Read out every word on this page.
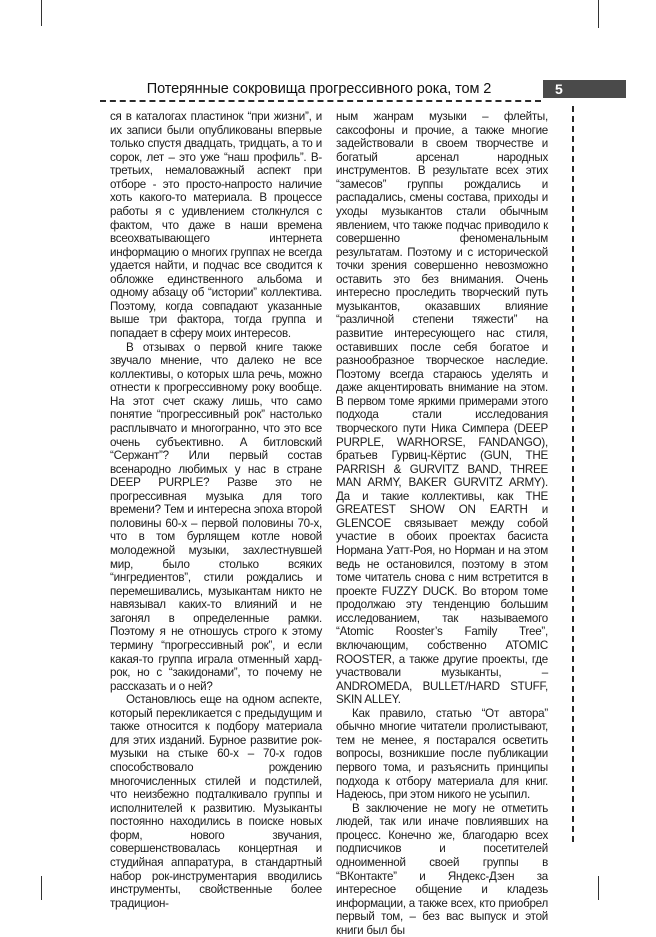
Потерянные сокровища прогрессивного рока, том 2	5

ся в каталогах пластинок “при жизни”, и их записи были опубликованы впервые только спустя двадцать, тридцать, а то и сорок, лет – это уже “наш профиль”. В-третьих, немаловажный аспект при отборе - это просто-напросто наличие хоть какого-то материала. В процессе работы я с удивлением столкнулся с фактом, что даже в наши времена всеохватывающего интернета информацию о многих группах не всегда удается найти, и подчас все сводится к обложке единственного альбома и одному абзацу об “истории” коллектива. Поэтому, когда совпадают указанные выше три фактора, тогда группа и попадает в сферу моих интересов.

В отзывах о первой книге также звучало мнение, что далеко не все коллективы, о которых шла речь, можно отнести к прогрессивному року вообще. На этот счет скажу лишь, что само понятие “прогрессивный рок” настолько расплывчато и многогранно, что это все очень субъективно. А битловский “Сержант”? Или первый состав всенародно любимых у нас в стране DEEP PURPLE? Разве это не прогрессивная музыка для того времени? Тем и интересна эпоха второй половины 60-х – первой половины 70-х, что в том бурлящем котле новой молодежной музыки, захлестнувшей мир, было столько всяких “ингредиентов”, стили рождались и перемешивались, музыкантам никто не навязывал каких-то влияний и не загонял в определенные рамки. Поэтому я не отношусь строго к этому термину “прогрессивный рок”, и если какая-то группа играла отменный хард-рок, но с “закидонами”, то почему не рассказать и о ней?

Остановлюсь еще на одном аспекте, который перекликается с предыдущим и также относится к подбору материала для этих изданий. Бурное развитие рок-музыки на стыке 60-х – 70-х годов способствовало рождению многочисленных стилей и подстилей, что неизбежно подталкивало группы и исполнителей к развитию. Музыканты постоянно находились в поиске новых форм, нового звучания, совершенствовалась концертная и студийная аппаратура, в стандартный набор рок-инструментария вводились инструменты, свойственные более традицион-

ным жанрам музыки – флейты, саксофоны и прочие, а также многие задействовали в своем творчестве и богатый арсенал народных инструментов. В результате всех этих “замесов” группы рождались и распадались, смены состава, приходы и уходы музыкантов стали обычным явлением, что также подчас приводило к совершенно феноменальным результатам. Поэтому и с исторической точки зрения совершенно невозможно оставить это без внимания. Очень интересно проследить творческий путь музыкантов, оказавших влияние “различной степени тяжести” на развитие интересующего нас стиля, оставивших после себя богатое и разнообразное творческое наследие. Поэтому всегда стараюсь уделять и даже акцентировать внимание на этом. В первом томе яркими примерами этого подхода стали исследования творческого пути Ника Симпера (DEEP PURPLE, WARHORSE, FANDANGO), братьев Гурвиц-Кёртис (GUN, THE PARRISH & GURVITZ BAND, THREE MAN ARMY, BAKER GURVITZ ARMY). Да и такие коллективы, как THE GREATEST SHOW ON EARTH и GLENCOE связывает между собой участие в обоих проектах басиста Нормана Уатт-Роя, но Норман и на этом ведь не остановился, поэтому в этом томе читатель снова с ним встретится в проекте FUZZY DUCK. Во втором томе продолжаю эту тенденцию большим исследованием, так называемого “Atomic Rooster’s Family Tree”, включающим, собственно ATOMIC ROOSTER, а также другие проекты, где участвовали музыканты, – ANDROMEDA, BULLET/HARD STUFF, SKIN ALLEY.

Как правило, статью “От автора” обычно многие читатели пролистывают, тем не менее, я постарался осветить вопросы, возникшие после публикации первого тома, и разъяснить принципы подхода к отбору материала для книг. Надеюсь, при этом никого не усыпил.

В заключение не могу не отметить людей, так или иначе повлиявших на процесс. Конечно же, благодарю всех подписчиков и посетителей одноименной своей группы в “ВКонтакте” и Яндекс-Дзен за интересное общение и кладезь информации, а также всех, кто приобрел первый том, – без вас выпуск и этой книги был бы
